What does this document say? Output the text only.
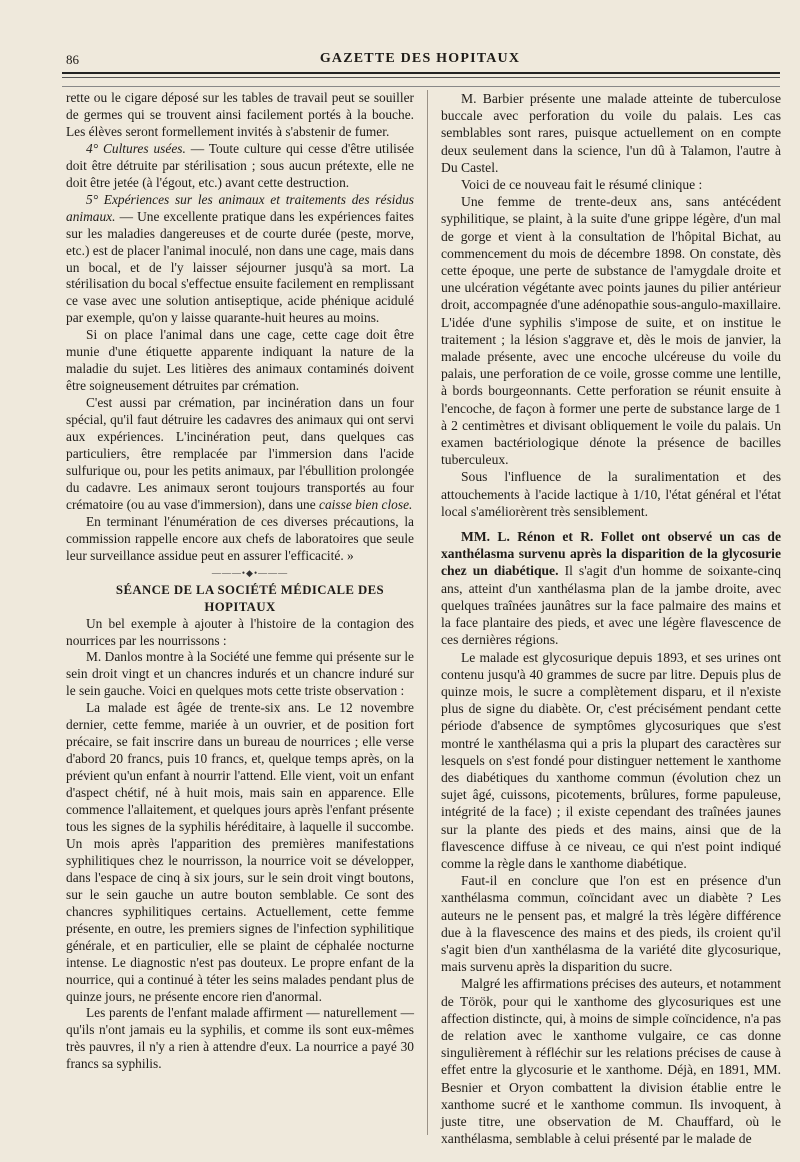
86	GAZETTE DES HOPITAUX

rette ou le cigare déposé sur les tables de travail peut se souiller de germes qui se trouvent ainsi facilement portés à la bouche. Les élèves seront formellement invités à s'abstenir de fumer.

4° Cultures usées. — Toute culture qui cesse d'être utilisée doit être détruite par stérilisation ; sous aucun prétexte, elle ne doit être jetée (à l'égout, etc.) avant cette destruction.

5° Expériences sur les animaux et traitements des résidus animaux. — Une excellente pratique dans les expériences faites sur les maladies dangereuses et de courte durée (peste, morve, etc.) est de placer l'animal inoculé, non dans une cage, mais dans un bocal, et de l'y laisser séjourner jusqu'à sa mort. La stérilisation du bocal s'effectue ensuite facilement en remplissant ce vase avec une solution antiseptique, acide phénique acidulé par exemple, qu'on y laisse quarante-huit heures au moins.

Si on place l'animal dans une cage, cette cage doit être munie d'une étiquette apparente indiquant la nature de la maladie du sujet. Les litières des animaux contaminés doivent être soigneusement détruites par crémation.

C'est aussi par crémation, par incinération dans un four spécial, qu'il faut détruire les cadavres des animaux qui ont servi aux expériences. L'incinération peut, dans quelques cas particuliers, être remplacée par l'immersion dans l'acide sulfurique ou, pour les petits animaux, par l'ébullition prolongée du cadavre. Les animaux seront toujours transportés au four crématoire (ou au vase d'immersion), dans une caisse bien close.

En terminant l'énumération de ces diverses précautions, la commission rappelle encore aux chefs de laboratoires que seule leur surveillance assidue peut en assurer l'efficacité. »

———•◆•———

SÉANCE DE LA SOCIÉTÉ MÉDICALE DES HOPITAUX

Un bel exemple à ajouter à l'histoire de la contagion des nourrices par les nourrissons :

M. Danlos montre à la Société une femme qui présente sur le sein droit vingt et un chancres indurés et un chancre induré sur le sein gauche. Voici en quelques mots cette triste observation :

La malade est âgée de trente-six ans. Le 12 novembre dernier, cette femme, mariée à un ouvrier, et de position fort précaire, se fait inscrire dans un bureau de nourrices ; elle verse d'abord 20 francs, puis 10 francs, et, quelque temps après, on la prévient qu'un enfant à nourrir l'attend. Elle vient, voit un enfant d'aspect chétif, né à huit mois, mais sain en apparence. Elle commence l'allaitement, et quelques jours après l'enfant présente tous les signes de la syphilis héréditaire, à laquelle il succombe. Un mois après l'apparition des premières manifestations syphilitiques chez le nourrisson, la nourrice voit se développer, dans l'espace de cinq à six jours, sur le sein droit vingt boutons, sur le sein gauche un autre bouton semblable. Ce sont des chancres syphilitiques certains. Actuellement, cette femme présente, en outre, les premiers signes de l'infection syphilitique générale, et en particulier, elle se plaint de céphalée nocturne intense. Le diagnostic n'est pas douteux. Le propre enfant de la nourrice, qui a continué à téter les seins malades pendant plus de quinze jours, ne présente encore rien d'anormal.

Les parents de l'enfant malade affirment — naturellement — qu'ils n'ont jamais eu la syphilis, et comme ils sont eux-mêmes très pauvres, il n'y a rien à attendre d'eux. La nourrice a payé 30 francs sa syphilis.

M. Barbier présente une malade atteinte de tuberculose buccale avec perforation du voile du palais. Les cas semblables sont rares, puisque actuellement on en compte deux seulement dans la science, l'un dû à Talamon, l'autre à Du Castel.

Voici de ce nouveau fait le résumé clinique :

Une femme de trente-deux ans, sans antécédent syphilitique, se plaint, à la suite d'une grippe légère, d'un mal de gorge et vient à la consultation de l'hôpital Bichat, au commencement du mois de décembre 1898. On constate, dès cette époque, une perte de substance de l'amygdale droite et une ulcération végétante avec points jaunes du pilier antérieur droit, accompagnée d'une adénopathie sous-angulo-maxillaire. L'idée d'une syphilis s'impose de suite, et on institue le traitement ; la lésion s'aggrave et, dès le mois de janvier, la malade présente, avec une encoche ulcéreuse du voile du palais, une perforation de ce voile, grosse comme une lentille, à bords bourgeonnants. Cette perforation se réunit ensuite à l'encoche, de façon à former une perte de substance large de 1 à 2 centimètres et divisant obliquement le voile du palais. Un examen bactériologique dénote la présence de bacilles tuberculeux.

Sous l'influence de la suralimentation et des attouchements à l'acide lactique à 1/10, l'état général et l'état local s'améliorèrent très sensiblement.

MM. L. Rénon et R. Follet ont observé un cas de xanthélasma survenu après la disparition de la glycosurie chez un diabétique. Il s'agit d'un homme de soixante-cinq ans, atteint d'un xanthélasma plan de la jambe droite, avec quelques traînées jaunâtres sur la face palmaire des mains et la face plantaire des pieds, et avec une légère flavescence de ces dernières régions.

Le malade est glycosurique depuis 1893, et ses urines ont contenu jusqu'à 40 grammes de sucre par litre. Depuis plus de quinze mois, le sucre a complètement disparu, et il n'existe plus de signe du diabète. Or, c'est précisément pendant cette période d'absence de symptômes glycosuriques que s'est montré le xanthélasma qui a pris la plupart des caractères sur lesquels on s'est fondé pour distinguer nettement le xanthome des diabétiques du xanthome commun (évolution chez un sujet âgé, cuissons, picotements, brûlures, forme papuleuse, intégrité de la face) ; il existe cependant des traînées jaunes sur la plante des pieds et des mains, ainsi que de la flavescence diffuse à ce niveau, ce qui n'est point indiqué comme la règle dans le xanthome diabétique.

Faut-il en conclure que l'on est en présence d'un xanthélasma commun, coïncidant avec un diabète ? Les auteurs ne le pensent pas, et malgré la très légère différence due à la flavescence des mains et des pieds, ils croient qu'il s'agit bien d'un xanthélasma de la variété dite glycosurique, mais survenu après la disparition du sucre.

Malgré les affirmations précises des auteurs, et notamment de Török, pour qui le xanthome des glycosuriques est une affection distincte, qui, à moins de simple coïncidence, n'a pas de relation avec le xanthome vulgaire, ce cas donne singulièrement à réfléchir sur les relations précises de cause à effet entre la glycosurie et le xanthome. Déjà, en 1891, MM. Besnier et Oryon combattent la division établie entre le xanthome sucré et le xanthome commun. Ils invoquent, à juste titre, une observation de M. Chauffard, où le xanthélasma, semblable à celui présenté par le malade de
